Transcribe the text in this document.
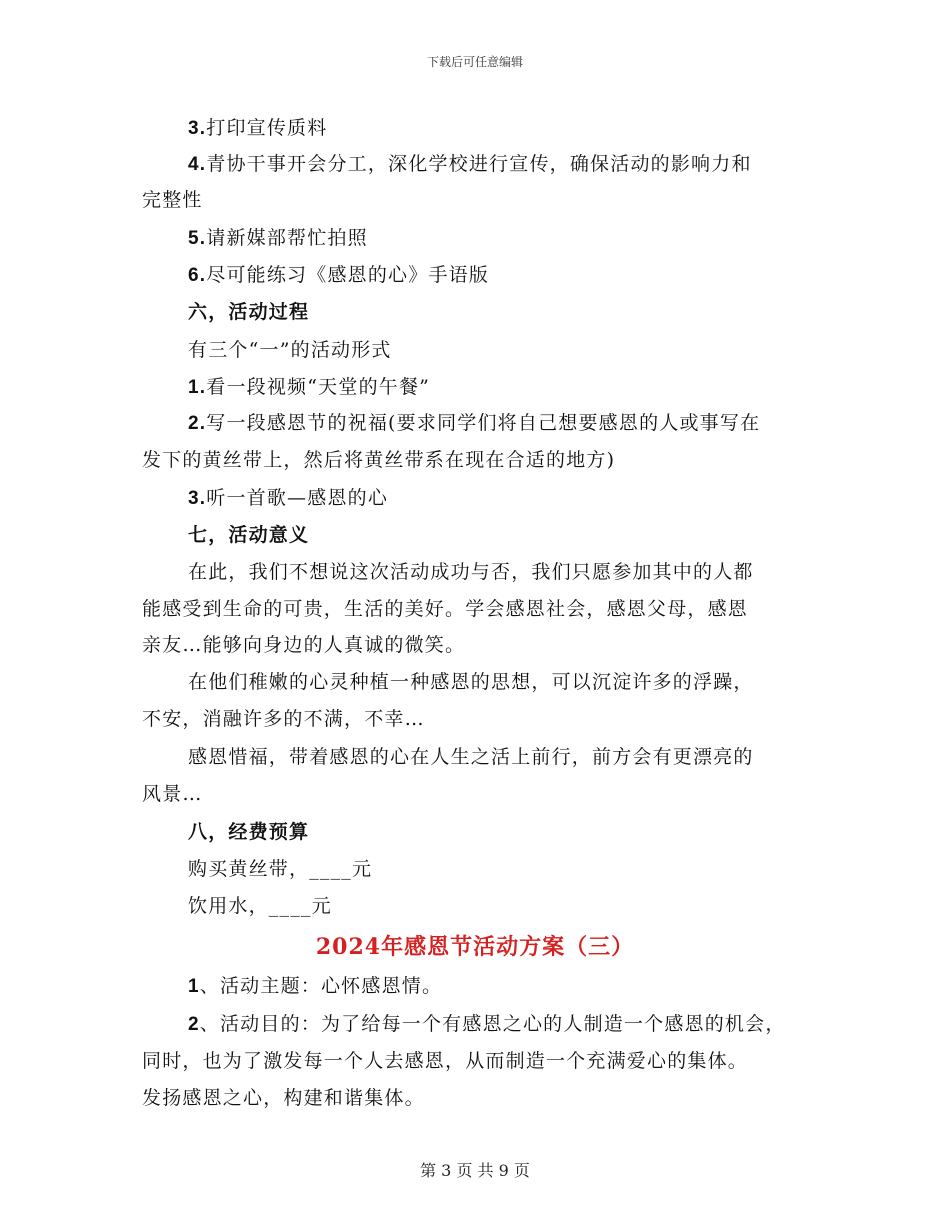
下载后可任意编辑
3.打印宣传质料
4.青协干事开会分工，深化学校进行宣传，确保活动的影响力和
完整性
5.请新媒部帮忙拍照
6.尽可能练习《感恩的心》手语版
六，活动过程
有三个“一”的活动形式
1.看一段视频“天堂的午餐”
2.写一段感恩节的祝福(要求同学们将自己想要感恩的人或事写在
发下的黄丝带上，然后将黄丝带系在现在合适的地方)
3.听一首歌—感恩的心
七，活动意义
在此，我们不想说这次活动成功与否，我们只愿参加其中的人都
能感受到生命的可贵，生活的美好。学会感恩社会，感恩父母，感恩
亲友…能够向身边的人真诚的微笑。
在他们稚嫩的心灵种植一种感恩的思想，可以沉淀许多的浮躁，
不安，消融许多的不满，不幸…
感恩惜福，带着感恩的心在人生之活上前行，前方会有更漂亮的
风景…
八，经费预算
购买黄丝带，____元
饮用水，____元
2024年感恩节活动方案（三）
1、活动主题：心怀感恩情。
2、活动目的：为了给每一个有感恩之心的人制造一个感恩的机会，
同时，也为了激发每一个人去感恩，从而制造一个充满爱心的集体。
发扬感恩之心，构建和谐集体。
第 3 页 共 9 页
